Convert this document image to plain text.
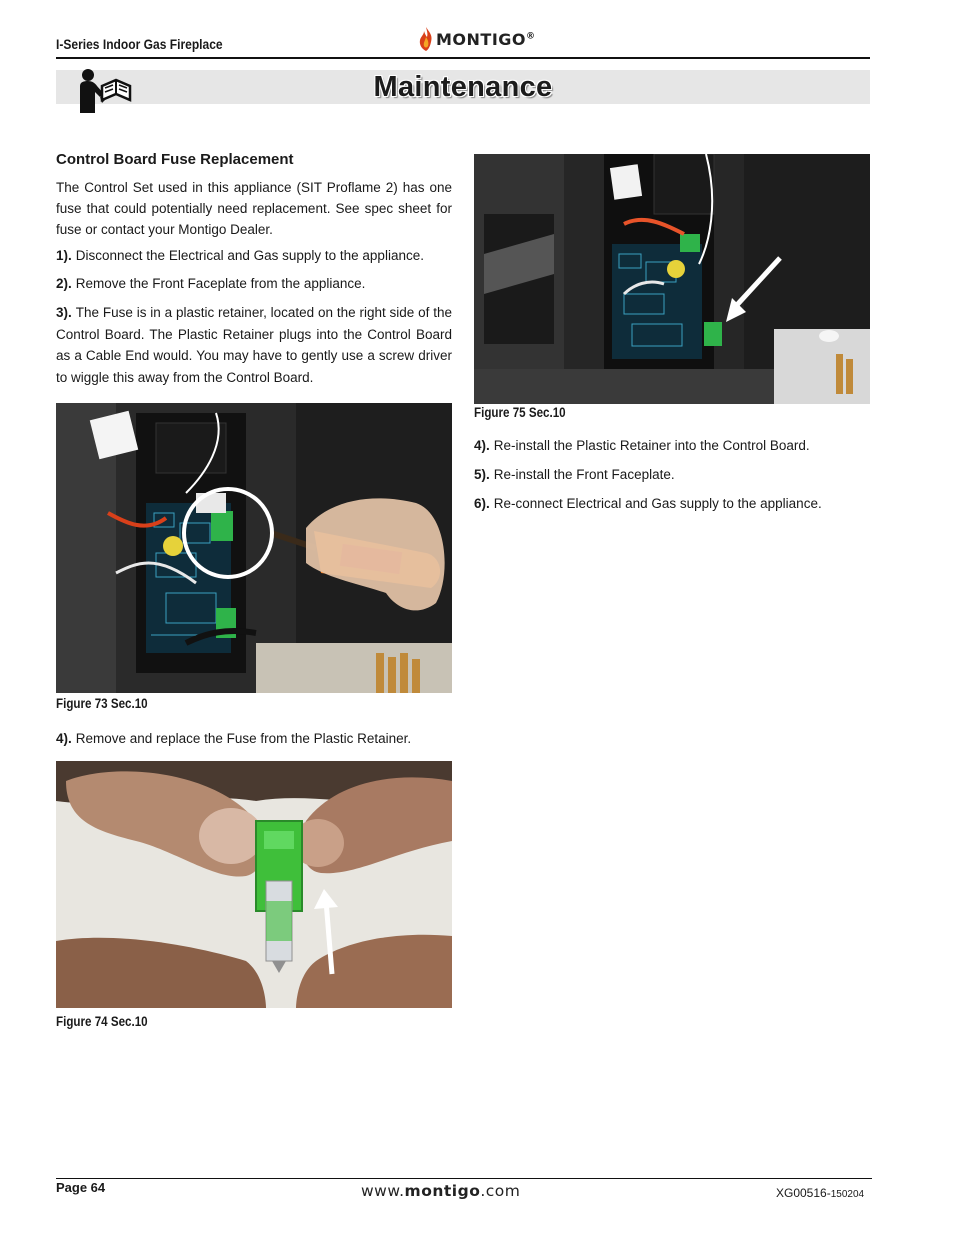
I-Series Indoor Gas Fireplace	MONTIGO®
Maintenance
Control Board Fuse Replacement
The Control Set used in this appliance (SIT Proflame 2) has one fuse that could potentially need replacement. See spec sheet for fuse or contact your Montigo Dealer.
1). Disconnect the Electrical and Gas supply to the appliance.
2). Remove the Front Faceplate from the appliance.
3). The Fuse is in a plastic retainer, located on the right side of the Control Board. The Plastic Retainer plugs into the Control Board as a Cable End would. You may have to gently use a screw driver to wiggle this away from the Control Board.
Figure 73 Sec.10
4). Remove and replace the Fuse from the Plastic Retainer.
Figure 74 Sec.10
Figure 75 Sec.10
4). Re-install the Plastic Retainer into the Control Board.
5). Re-install the Front Faceplate.
6). Re-connect Electrical and Gas supply to the appliance.
Page 64	www.montigo.com	XG00516-150204
